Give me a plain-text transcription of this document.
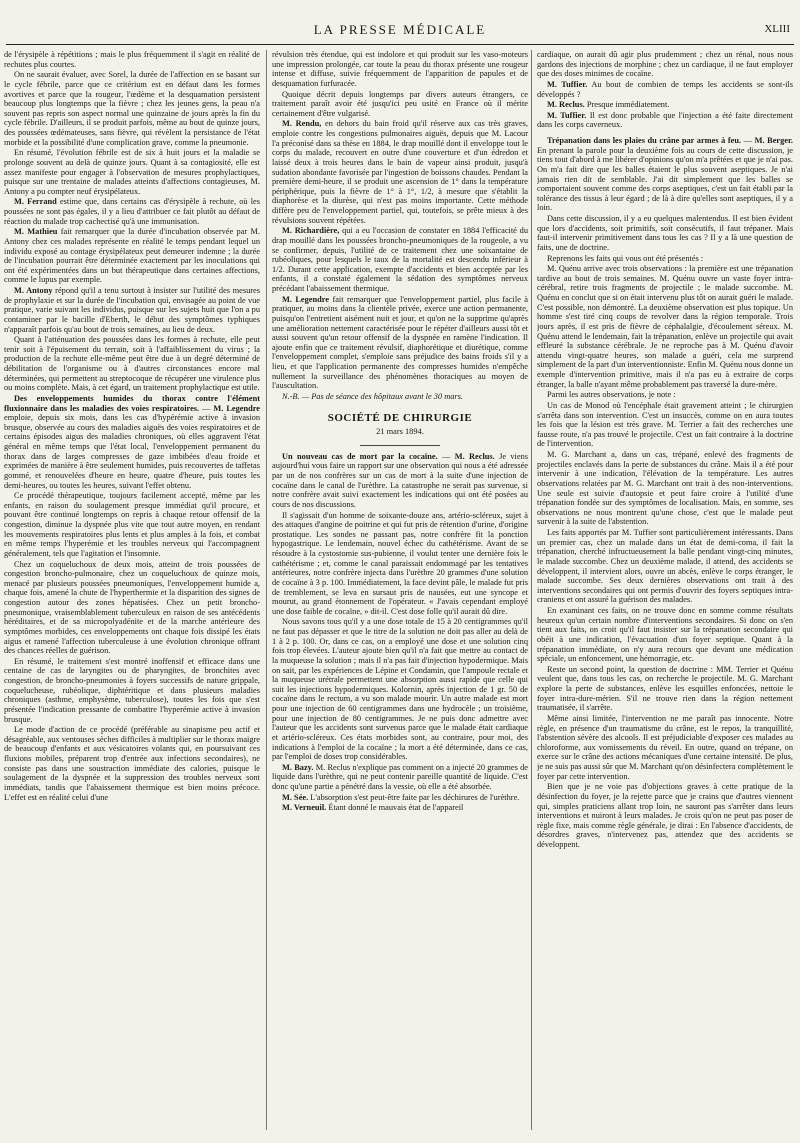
LA PRESSE MÉDICALE	XLIII

de l'érysipèle à répétitions ; mais le plus fréquemment il s'agit en réalité de rechutes plus courtes.

On ne saurait évaluer, avec Sorel, la durée de l'affection en se basant sur le cycle fébrile, parce que ce critérium est en défaut dans les formes avortives et parce que la rougeur, l'œdème et la desquamation persistent beaucoup plus longtemps que la fièvre ; chez les jeunes gens, la peau n'a souvent pas repris son aspect normal une quinzaine de jours après la fin du cycle fébrile. D'ailleurs, il se produit parfois, même au bout de quinze jours, des poussées œdémateuses, sans fièvre, qui révèlent la persistance de l'état morbide et la possibilité d'une complication grave, comme la pneumonie.

En résumé, l'évolution fébrile est de six à huit jours et la maladie se prolonge souvent au delà de quinze jours. Quant à sa contagiosité, elle est assez manifeste pour engager à l'observation de mesures prophylactiques, puisque sur une trentaine de malades atteints d'affections contagieuses, M. Antony a pu compter neuf érysipélateux.

M. Ferrand estime que, dans certains cas d'érysipèle à rechute, où les poussées ne sont pas égales, il y a lieu d'attribuer ce fait plutôt au défaut de réaction du malade trop cachectisé qu'à une immunisation.

M. Mathieu fait remarquer que la durée d'incubation observée par M. Antony chez ces malades représente en réalité le temps pendant lequel un individu exposé au contage érysipélateux peut demeurer indemne ; la durée de l'incubation pourrait être déterminée exactement par les inoculations qui ont été expérimentées dans un but thérapeutique dans certaines affections, comme le lupus par exemple.

M. Antony répond qu'il a tenu surtout à insister sur l'utilité des mesures de prophylaxie et sur la durée de l'incubation qui, envisagée au point de vue pratique, varie suivant les individus, puisque sur les sujets huit que l'on a pu contaminer par le bacille d'Eberth, le début des symptômes typhiques n'apparaît parfois qu'au bout de trois semaines, au lieu de deux.

Quant à l'atténuation des poussées dans les formes à rechute, elle peut tenir soit à l'épuisement du terrain, soit à l'affaiblissement du virus ; la production de la rechute elle-même peut être due à un degré déterminé de débilitation de l'organisme ou à d'autres circonstances encore mal déterminées, qui permettent au streptocoque de récupérer une virulence plus ou moins complète. Mais, à cet égard, un traitement prophylactique est utile.

Des enveloppements humides du thorax contre l'élément fluxionnaire dans les maladies des voies respiratoires. — M. Legendre emploie, depuis six mois, dans les cas d'hypérémie active à invasion brusque, observée au cours des maladies aiguës des voies respiratoires et de certains épisodes aigus des maladies chroniques, où elles aggravent l'état général en même temps que l'état local, l'enveloppement permanent du thorax dans de larges compresses de gaze imbibées d'eau froide et exprimées de manière à être seulement humides, puis recouvertes de taffetas gommé, et renouvelées d'heure en heure, quatre d'heure, puis toutes les demi-heures, ou toutes les heures, suivant l'effet obtenu.

Ce procédé thérapeutique, toujours facilement accepté, même par les enfants, en raison du soulagement presque immédiat qu'il procure, et pouvant être continué longtemps on repris à chaque retour offensif de la congestion, diminue la dyspnée plus vite que tout autre moyen, en rendant les mouvements respiratoires plus lents et plus amples à la fois, et combat en même temps l'hyperémie et les troubles nerveux qui l'accompagnent généralement, tels que l'agitation et l'insomnie.

Chez un coqueluchoux de deux mois, atteint de trois poussées de congestion broncho-pulmonaire, chez un coqueluchoux de quinze mois, menacé par plusieurs poussées pneumoniques, l'enveloppement humide a, chaque fois, amené la chute de l'hyperthermie et la disparition des signes de congestion autour des zones hépatisées. Chez un petit broncho-pneumonique, vraisemblablement tuberculeux en raison de ses antécédents héréditaires, et de sa micropolyadénite et de la marche antérieure des symptômes morbides, ces enveloppements ont chaque fois dissipé les états aigus et ramené l'affection tuberculeuse à une évolution chronique offrant des chances réelles de guérison.

En résumé, le traitement s'est montré inoffensif et efficace dans une centaine de cas de laryngites ou de pharyngites, de bronchites avec congestion, de broncho-pneumonies à foyers successifs de nature grippale, coquelucheuse, rubéolique, diphtéritique et dans plusieurs maladies chroniques (asthme, emphysème, tuberculose), toutes les fois que s'est présentée l'indication pressante de combattre l'hyperémie active à invasion brusque.

Le mode d'action de ce procédé (préférable au sinapisme peu actif et désagréable, aux ventouses sèches difficiles à multiplier sur le thorax maigre de beaucoup d'enfants et aux vésicatoires volants qui, en poursuivant ces fluxions mobiles, préparent trop d'entrée aux infections secondaires), ne consiste pas dans une soustraction immédiate des calories, puisque le soulagement de la dyspnée et la suppression des troubles nerveux sont immédiats, tandis que l'abaissement thermique est bien moins précoce. L'effet est en réalité celui d'une

révulsion très étendue, qui est indolore et qui produit sur les vaso-moteurs une impression prolongée, car toute la peau du thorax présente une rougeur intense et diffuse, suivie fréquemment de l'apparition de papules et de desquamation furfuracée.

Quoique décrit depuis longtemps par divers auteurs étrangers, ce traitement paraît avoir été jusqu'ici peu usité en France où il mérite certainement d'être vulgarisé.

M. Rendu, en dehors du bain froid qu'il réserve aux cas très graves, emploie contre les congestions pulmonaires aiguës, depuis que M. Lacour l'a préconisé dans sa thèse en 1884, le drap mouillé dont il enveloppe tout le corps du malade, recouvert en outre d'une couverture et d'un édredon et laissé deux à trois heures dans le bain de vapeur ainsi produit, jusqu'à sudation abondante favorisée par l'ingestion de boissons chaudes. Pendant la première demi-heure, il se produit une ascension de 1° dans la température périphérique, puis la fièvre de 1° à 1°, 1/2, à mesure que s'établit la diaphorèse et la diurèse, qui n'est pas moins importante. Cette méthode diffère peu de l'enveloppement partiel, qui, toutefois, se prête mieux à des révulsions souvent répétées.

M. Richardière, qui a eu l'occasion de constater en 1884 l'efficacité du drap mouillé dans les poussées broncho-pneumoniques de la rougeole, a vu se confirmer, depuis, l'utilité de ce traitement chez une soixantaine de rubéoliques, pour lesquels le taux de la mortalité est descendu inférieur à 1/2. Durant cette application, exempte d'accidents et bien acceptée par les enfants, il a constaté également la sédation des symptômes nerveux précédant l'abaissement thermique.

M. Legendre fait remarquer que l'enveloppement partiel, plus facile à pratiquer, au moins dans la clientèle privée, exerce une action permanente, puisqu'on l'entretient aisément nuit et jour, et qu'on ne la supprime qu'après une amélioration nettement caractérisée pour le répéter d'ailleurs aussi tôt et aussi souvent qu'un retour offensif de la dyspnée en ramène l'indication. Il ajoute enfin que ce traitement révulsif, diaphorétique et diurétique, comme l'enveloppement complet, s'emploie sans préjudice des bains froids s'il y a lieu, et que l'application permanente des compresses humides n'empêche nullement la surveillance des phénomènes thoraciques au moyen de l'auscultation.

N.-B. — Pas de séance des hôpitaux avant le 30 mars.

SOCIÉTÉ DE CHIRURGIE
21 mars 1894.

Un nouveau cas de mort par la cocaïne. — M. Reclus. Je viens aujourd'hui vous faire un rapport sur une observation qui nous a été adressée par un de nos confrères sur un cas de mort à la suite d'une injection de cocaïne dans le canal de l'urèthre. La catastrophe ne serait pas survenue, si notre confrère avait suivi exactement les indications qui ont été posées au cours de nos discussions.

Il s'agissait d'un homme de soixante-douze ans, artério-scléreux, sujet à des attaques d'angine de poitrine et qui fut pris de rétention d'urine, d'origine prostatique. Les sondes ne passant pas, notre confrère fit la ponction hypogastrique. Le lendemain, nouvel échec du cathétérisme. Avant de se résoudre à la cystostomie sus-pubienne, il voulut tenter une dernière fois le cathétérisme ; et, comme le canal paraissait endommagé par les tentatives antérieures, notre confrère injecta dans l'urèthre 20 grammes d'une solution de cocaïne à 3 p. 100. Immédiatement, la face devint pâle, le malade fut pris de tremblement, se leva en sursaut pris de nausées, eut une syncope et mourut, au grand étonnement de l'opérateur. « J'avais cependant employé une dose faible de cocaïne, » dit-il. C'est dose folle qu'il aurait dû dire.

Nous savons tous qu'il y a une dose totale de 15 à 20 centigrammes qu'il ne faut pas dépasser et que le titre de la solution ne doit pas aller au delà de 1 à 2 p. 100. Or, dans ce cas, on a employé une dose et une solution cinq fois trop élevées. L'auteur ajoute bien qu'il n'a fait que mettre au contact de la muqueuse la solution ; mais il n'a pas fait d'injection hypodermique. Mais on sait, par les expériences de Lépine et Condamin, que l'ampoule rectale et la muqueuse urétrale permettent une absorption aussi rapide que celle qui suit les injections hypodermiques. Kolornin, après injection de 1 gr. 50 de cocaïne dans le rectum, a vu son malade mourir. Un autre malade est mort pour une injection de 60 centigrammes dans une hydrocèle ; un troisième, pour une injection de 80 centigrammes. Je ne puis donc admettre avec l'auteur que les accidents sont survenus parce que le malade était cardiaque et artério-scléreux. Ces états morbides sont, au contraire, pour moi, des indications à l'emploi de la cocaïne ; la mort a été déterminée, dans ce cas, par l'emploi de doses trop considérables.

M. Bazy. M. Reclus n'explique pas comment on a injecté 20 grammes de liquide dans l'urèthre, qui ne peut contenir pareille quantité de liquide. C'est donc qu'une partie a pénétré dans la vessie, où elle a été absorbée.

M. Sée. L'absorption s'est peut-être faite par les déchirures de l'urèthre.

M. Verneuil. Étant donné le mauvais état de l'appareil

cardiaque, on aurait dû agir plus prudemment ; chez un rénal, nous nous gardons des injections de morphine ; chez un cardiaque, il ne faut employer que des doses minimes de cocaïne.

M. Tuffier. Au bout de combien de temps les accidents se sont-ils développés ?

M. Reclus. Presque immédiatement.

M. Tuffier. Il est donc probable que l'injection a été faite directement dans les corps caverneux.

Trépanation dans les plaies du crâne par armes à feu. — M. Berger. En prenant la parole pour la deuxième fois au cours de cette discussion, je tiens tout d'abord à me libérer d'opinions qu'on m'a prêtées et que je n'ai pas. On m'a fait dire que les balles étaient le plus souvent aseptiques. Je n'ai jamais rien dit de semblable. J'ai dit simplement que les balles se comportaient souvent comme des corps aseptiques, c'est un fait établi par la tolérance des tissus à leur égard ; de là à dire qu'elles sont aseptiques, il y a loin.

Dans cette discussion, il y a eu quelques malentendus. Il est bien évident que lors d'accidents, soit primitifs, soit consécutifs, il faut trépaner. Mais faut-il intervenir primitivement dans tous les cas ? Il y a là une question de faits, une de doctrine.

Reprenons les faits qui vous ont été présentés :

M. Quénu arrive avec trois observations : la première est une trépanation tardive au bout de trois semaines. M. Quénu ouvre un vaste foyer intra-cérébral, retire trois fragments de projectile ; le malade succombe. M. Quénu en conclut que si on était intervenu plus tôt on aurait guéri le malade. C'est possible, non démontré. La deuxième observation est plus topique. Un homme s'est tiré cinq coups de revolver dans la région temporale. Trois jours après, il est pris de fièvre de céphalalgie, d'écoulement séreux. M. Quénu attend le lendemain, fait la trépanation, enlève un projectile qui avait effleuré la substance cérébrale. Je ne reproche pas à M. Quénu d'avoir attendu vingt-quatre heures, son malade a guéri, cela me surprend simplement de la part d'un interventionniste. Enfin M. Quénu nous donne un exemple d'intervention primitive, mais il n'a pas eu à extraire de corps étranger, la balle n'ayant même probablement pas traversé la dure-mère.

Parmi les autres observations, je note :

Un cas de Monod où l'encéphale était gravement atteint ; le chirurgien s'arrêta dans son intervention. C'est un insuccès, comme on en aura toutes les fois que la lésion est très grave. M. Terrier a fait des recherches une fausse route, n'a pas trouvé le projectile. C'est un fait contraire à la doctrine de l'intervention.

M. G. Marchant a, dans un cas, trépané, enlevé des fragments de projectiles enclavés dans la perte de substances du crâne. Mais il a été pour intervenir à une indication, l'élévation de la température. Les autres observations relatées par M. G. Marchant ont trait à des non-interventions. Une seule est suivie d'autopsie et peut faire croire à l'utilité d'une trépanation fondée sur des symptômes de localisation. Mais, en somme, ses observations ne nous montrent qu'une chose, c'est que le malade peut survenir à la suite de l'abstention.

Les faits apportés par M. Tuffier sont particulièrement intéressants. Dans un premier cas, chez un malade dans un état de demi-coma, il fait la trépanation, cherché infructueusement la balle pendant vingt-cinq minutes, le malade succombe. Chez un deuxième malade, il attend, des accidents se développent, il intervient alors, ouvre un abcès, enlève le corps étranger, le malade succombe. Ses deux dernières observations ont trait à des interventions secondaires qui ont permis d'ouvrir des foyers septiques intra-craniens et ont assuré la guérison des malades.

En examinant ces faits, on ne trouve donc en somme comme résultats heureux qu'un certain nombre d'interventions secondaires. Si donc on s'en tient aux faits, on croit qu'il faut insister sur la trépanation secondaire qui obéit à une indication, l'évacuation d'un foyer septique. Quant à la trépanation immédiate, on n'y aura recours que devant une médication spéciale, un enfoncement, une hémorragie, etc.

Reste un second point, la question de doctrine : MM. Terrier et Quénu veulent que, dans tous les cas, on recherche le projectile. M. G. Marchant explore la perte de substances, enlève les esquilles enfoncées, nettoie le foyer intra-dure-mérien. S'il ne trouve rien dans la région nettement traumatisée, il s'arrête.

Même ainsi limitée, l'intervention ne me paraît pas innocente. Notre règle, en présence d'un traumatisme du crâne, est le repos, la tranquillité, l'abstention sévère des alcools. Il est préjudiciable d'exposer ces malades au chloroforme, aux vomissements du réveil. En outre, quand on trépane, on exerce sur le crâne des actions mécaniques d'une certaine intensité. De plus, je ne suis pas aussi sûr que M. Marchant qu'on désinfectera complètement le foyer par cette intervention.

Bien que je ne voie pas d'objections graves à cette pratique de la désinfection du foyer, je la rejette parce que je crains que d'autres viennent qui, simples praticiens allant trop loin, ne sauront pas s'arrêter dans leurs interventions et nuiront à leurs malades. Je crois qu'on ne peut pas poser de règle fixe, mais comme règle générale, je dirai : En l'absence d'accidents, de désordres graves, n'intervenez pas, attendez que des accidents se développent.
